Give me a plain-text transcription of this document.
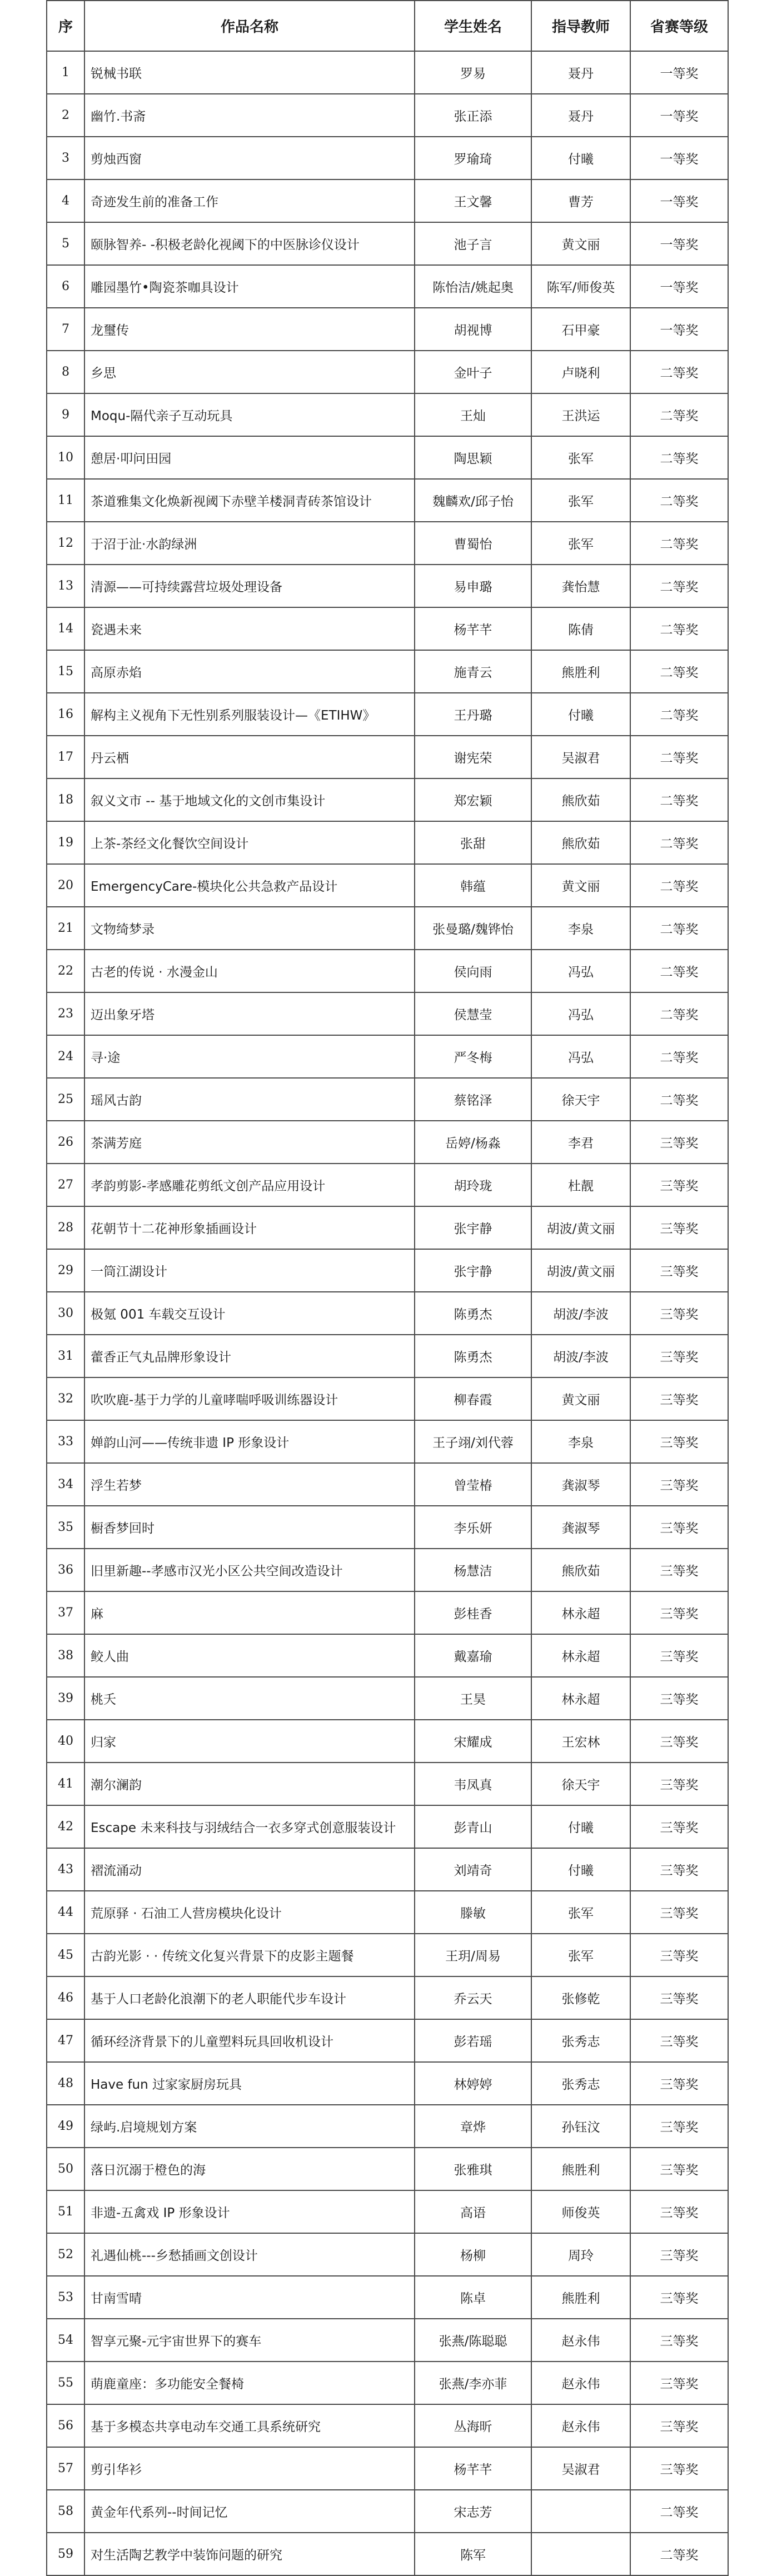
序	作品名称	学生姓名	指导教师	省赛等级
1	锐械书联	罗易	聂丹	一等奖
2	幽竹.书斋	张正添	聂丹	一等奖
3	剪烛西窗	罗瑜琦	付曦	一等奖
4	奇迹发生前的准备工作	王文馨	曹芳	一等奖
5	颐脉智养- -积极老龄化视阈下的中医脉诊仪设计	池子言	黄文丽	一等奖
6	雕园墨竹•陶瓷茶咖具设计	陈怡洁/姚起奥	陈军/师俊英	一等奖
7	龙璽传	胡视博	石甲豪	一等奖
8	乡思	金叶子	卢晓利	二等奖
9	Moqu-隔代亲子互动玩具	王灿	王洪运	二等奖
10	憩居·叩问田园	陶思颖	张军	二等奖
11	茶道雅集文化焕新视阈下赤壁羊楼洞青砖茶馆设计	魏麟欢/邱子怡	张军	二等奖
12	于沼于沚·水韵绿洲	曹蜀怡	张军	二等奖
13	清源——可持续露营垃圾处理设备	易申璐	龚怡慧	二等奖
14	瓷遇未来	杨芊芊	陈倩	二等奖
15	高原赤焰	施青云	熊胜利	二等奖
16	解构主义视角下无性别系列服装设计—《ETIHW》	王丹璐	付曦	二等奖
17	丹云栖	谢宪荣	吴淑君	二等奖
18	叙义文市 -- 基于地域文化的文创市集设计	郑宏颖	熊欣茹	二等奖
19	上茶-茶经文化餐饮空间设计	张甜	熊欣茹	二等奖
20	EmergencyCare-模块化公共急救产品设计	韩蕴	黄文丽	二等奖
21	文物绮梦录	张曼璐/魏铧怡	李泉	二等奖
22	古老的传说 · 水漫金山	侯向雨	冯弘	二等奖
23	迈出象牙塔	侯慧莹	冯弘	二等奖
24	寻·途	严冬梅	冯弘	二等奖
25	瑶风古韵	蔡铭泽	徐天宇	二等奖
26	茶满芳庭	岳婷/杨淼	李君	三等奖
27	孝韵剪影-孝感雕花剪纸文创产品应用设计	胡玲珑	杜靓	三等奖
28	花朝节十二花神形象插画设计	张宇静	胡波/黄文丽	三等奖
29	一筒江湖设计	张宇静	胡波/黄文丽	三等奖
30	极氪 001 车载交互设计	陈勇杰	胡波/李波	三等奖
31	藿香正气丸品牌形象设计	陈勇杰	胡波/李波	三等奖
32	吹吹鹿-基于力学的儿童哮喘呼吸训练器设计	柳春霞	黄文丽	三等奖
33	婵韵山河——传统非遗 IP 形象设计	王子翊/刘代蓉	李泉	三等奖
34	浮生若梦	曾莹椿	龚淑琴	三等奖
35	橱香梦回时	李乐妍	龚淑琴	三等奖
36	旧里新趣--孝感市汉光小区公共空间改造设计	杨慧洁	熊欣茹	三等奖
37	麻	彭桂香	林永超	三等奖
38	鲛人曲	戴嘉瑜	林永超	三等奖
39	桃夭	王昊	林永超	三等奖
40	归家	宋耀成	王宏林	三等奖
41	潮尔澜韵	韦凤真	徐天宇	三等奖
42	Escape 未来科技与羽绒结合一衣多穿式创意服装设计	彭青山	付曦	三等奖
43	褶流涌动	刘靖奇	付曦	三等奖
44	荒原驿 · 石油工人营房模块化设计	滕敏	张军	三等奖
45	古韵光影 · · 传统文化复兴背景下的皮影主题餐	王玥/周易	张军	三等奖
46	基于人口老龄化浪潮下的老人职能代步车设计	乔云天	张修乾	三等奖
47	循环经济背景下的儿童塑料玩具回收机设计	彭若瑶	张秀志	三等奖
48	Have fun 过家家厨房玩具	林婷婷	张秀志	三等奖
49	绿屿.启境规划方案	章烨	孙钰汶	三等奖
50	落日沉溺于橙色的海	张雅琪	熊胜利	三等奖
51	非遗-五禽戏 IP 形象设计	高语	师俊英	三等奖
52	礼遇仙桃---乡愁插画文创设计	杨柳	周玲	三等奖
53	甘南雪晴	陈卓	熊胜利	三等奖
54	智享元聚-元宇宙世界下的赛车	张燕/陈聪聪	赵永伟	三等奖
55	萌鹿童座：多功能安全餐椅	张燕/李亦菲	赵永伟	三等奖
56	基于多模态共享电动车交通工具系统研究	丛海昕	赵永伟	三等奖
57	剪引华衫	杨芊芊	吴淑君	三等奖
58	黄金年代系列--时间记忆	宋志芳		二等奖
59	对生活陶艺教学中装饰问题的研究	陈军		二等奖
